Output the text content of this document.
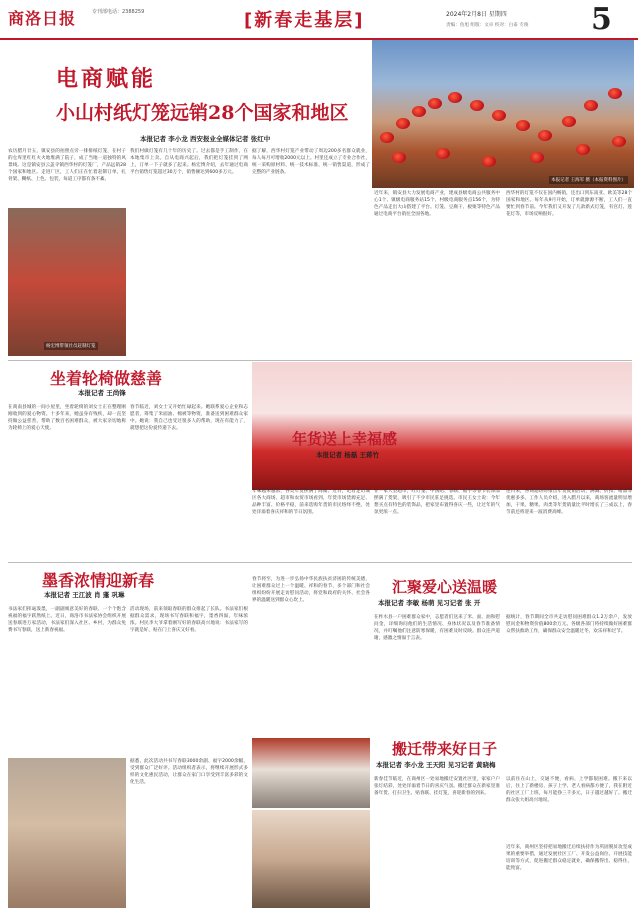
商洛日报	专刊部电话：2388259	[新春走基层]	2024年2月8日 星期四
责编：鱼旭 组版：文卓 校对：白泰 专俊 5
电商赋能
小山村纸灯笼远销28个国家和地区
本报记者 李小龙 西安报业全媒体记者 张红中
本报记者 王海军 摄（本报资料图片）
农历腊月廿五，镇安县的拍照点旁一排排纸灯笼，在村子的仓库里红红火火地堆满了院子，成了当地一道独特的风景线。这是镇安县云盖寺镇西华村的灯笼厂，产品远销28个国家和地区。走进厂区，工人们正在忙着赶制订单，扎骨架、糊纸、上色、包装，每道工序都有条不紊。
杨宏博带领社员赶制灯笼
我们村做灯笼有几十年的历史了。过去都是手工制作，在本地集市上卖。自从电商兴起后，我们把灯笼挂到了网上，订单一下子就多了起来。杨宏博介绍，去年通过电商平台销售灯笼超过30万个，销售额达到600多万元。
据了解，西华村灯笼产业带动了周边200多名群众就业，每人每月可增收2000元以上。村里还成立了专业合作社，统一采购原材料、统一技术标准、统一销售渠道，形成了完整的产业链条。
近年来，镇安县大力发展电商产业，建成县级电商公共服务中心1个、镇级电商服务站15个、村级电商服务点156个，为特色产品走出大山搭建了平台。灯笼、豆腐干、板栗等特色产品通过电商平台销往全国各地。
西华村的灯笼不仅在国内畅销，还出口到东南亚、欧美等28个国家和地区。每年从9月开始，订单就源源不断，工人们一直要忙到春节前。今年我们又开发了几款新式灯笼，有宫灯、莲花灯等，市场反响很好。
坐着轮椅做慈善
本报记者 王尚锋
在商南县城的一间小屋里，坐着轮椅的刘女士正在整理刚刚收到的爱心物资。十多年来，她虽身有残疾，却一直坚持做公益慈善，帮助了数百名困难群众，被大家亲切地称为轮椅上的爱心天使。
春节临近，刘女士又开始忙碌起来。她联系爱心企业和志愿者，筹集了米面油、棉被等物资，准备送到困难群众家中。她说：我自己也受过很多人的帮助，现在有能力了，就想把这份爱传递下去。
年货送上幸福感
本报记者 杨磊 王蒋竹
年味越来越浓，各类年货摆满了商铺。近日，记者走访城区各大商场、超市和农贸市场看到，年货市场货源充足、品种丰富、价格平稳，前来选购年货的市民络绎不绝，处处洋溢着喜庆祥和的节日氛围。
在一家大型超市，红灯笼、中国结、春联、福字等春节装饰品摆满了货架，吸引了不少市民驻足挑选。市民王女士说：今年想买点有特色的装饰品，把家里布置得喜庆一些，让过年的气氛更浓一点。
连日来，各商超纷纷推出年货促销活动，满减、折扣、赠品等优惠多多。工作人员介绍，进入腊月以来，商场客流量明显增加，干果、糖果、肉类等年货销量比平时增长了三成以上，春节前还将迎来一波消费高峰。
墨香浓情迎新春
本报记者 王江波 肖 蓬 巩琳
书法家们挥毫泼墨，一副副寓意美好的春联、一个个饱含祝福的福字跃然纸上。近日，商洛市书法家协会组织开展送春联进万家活动，书法家们深入社区、乡村，为群众免费书写春联，送上新春祝福。
活动现场，前来领取春联的群众排起了长队。书法家们根据群众需求，现场书写春联和福字，墨香四溢，年味浓浓。村民李大爷拿着刚写好的春联高兴地说：书法家写的字就是好，贴在门上喜庆又好看。
据悉，此次活动共书写春联3000余副、福字2000余幅，受到群众广泛好评。活动组织者表示，将继续开展形式多样的文化惠民活动，让群众在家门口享受到丰富多彩的文化生活。
汇聚爱心送温暖
本报记者 李敏 杨萌 见习记者 张 开
春节将至，为进一步弘扬中华民族扶贫济困的传统美德，让困难群众过上一个温暖、祥和的春节，多个部门和社会组织纷纷开展走访慰问活动，将党和政府的关怀、社会各界的温暖送到群众心坎上。
在柞水县一户困难群众家中，志愿者们送来了米、面、油和慰问金，详细询问他们的生活情况、身体状况以及春节准备情况，并叮嘱他们注意防寒保暖，有困难及时反映。群众连声道谢，感激之情溢于言表。
据统计，春节期间全市共走访慰问困难群众1.2万余户，发放慰问金和物资价值800余万元。各级各部门将持续做好困难群众帮扶救助工作，确保群众安全温暖过冬、欢乐祥和过节。
搬迁带来好日子
本报记者 李小龙 王天阳 见习记者 黄晓梅
新春佳节临近，在商州区一处易地搬迁安置社区里，家家户户张灯结彩，处处洋溢着节日的喜庆气氛。搬迁群众在新家里准备年货、打扫卫生、贴春联、挂灯笼，喜迎新春的到来。
以前住在山上，交通不便，看病、上学都很困难。搬下来以后，住上了新楼房，孩子上学、老人看病都方便了，我在附近的社区工厂上班，每月能挣三千多元，日子越过越好了。搬迁群众张大姐高兴地说。
近年来，商州区坚持把易地搬迁后续扶持作为巩固脱贫攻坚成果的重要举措，通过发展社区工厂、开发公益岗位、开展技能培训等方式，促进搬迁群众稳定就业，确保搬得出、稳得住、能致富。
